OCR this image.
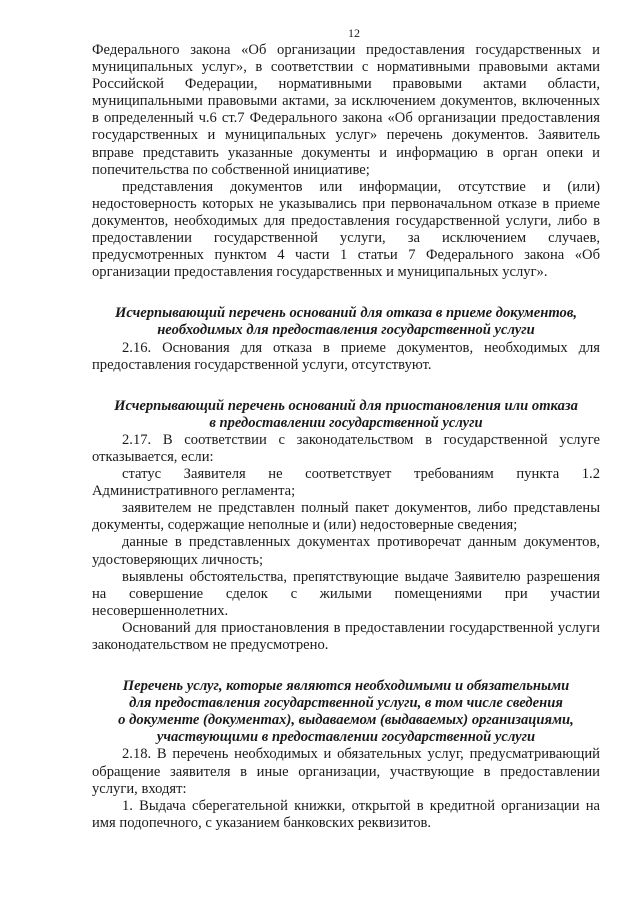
12

Федерального закона «Об организации предоставления государственных и муниципальных услуг», в соответствии с нормативными правовыми актами Российской Федерации, нормативными правовыми актами области, муниципальными правовыми актами, за исключением документов, включенных в определенный ч.6 ст.7 Федерального закона «Об организации предоставления государственных и муниципальных услуг» перечень документов. Заявитель вправе представить указанные документы и информацию в орган опеки и попечительства по собственной инициативе;

представления документов или информации, отсутствие и (или) недостоверность которых не указывались при первоначальном отказе в приеме документов, необходимых для предоставления государственной услуги, либо в предоставлении государственной услуги, за исключением случаев, предусмотренных пунктом 4 части 1 статьи 7 Федерального закона «Об организации предоставления государственных и муниципальных услуг».

Исчерпывающий перечень оснований для отказа в приеме документов,
необходимых для предоставления государственной услуги

2.16. Основания для отказа в приеме документов, необходимых для предоставления государственной услуги, отсутствуют.

Исчерпывающий перечень оснований для приостановления или отказа
в предоставлении государственной услуги

2.17. В соответствии с законодательством в государственной услуге отказывается, если:

статус Заявителя не соответствует требованиям пункта 1.2 Административного регламента;

заявителем не представлен полный пакет документов, либо представлены документы, содержащие неполные и (или) недостоверные сведения;

данные в представленных документах противоречат данным документов, удостоверяющих личность;

выявлены обстоятельства, препятствующие выдаче Заявителю разрешения на совершение сделок с жилыми помещениями при участии несовершеннолетних.

Оснований для приостановления в предоставлении государственной услуги законодательством не предусмотрено.

Перечень услуг, которые являются необходимыми и обязательными
для предоставления государственной услуги, в том числе сведения
о документе (документах), выдаваемом (выдаваемых) организациями,
участвующими в предоставлении государственной услуги

2.18. В перечень необходимых и обязательных услуг, предусматривающий обращение заявителя в иные организации, участвующие в предоставлении услуги, входят:

1. Выдача сберегательной книжки, открытой в кредитной организации на имя подопечного, с указанием банковских реквизитов.
